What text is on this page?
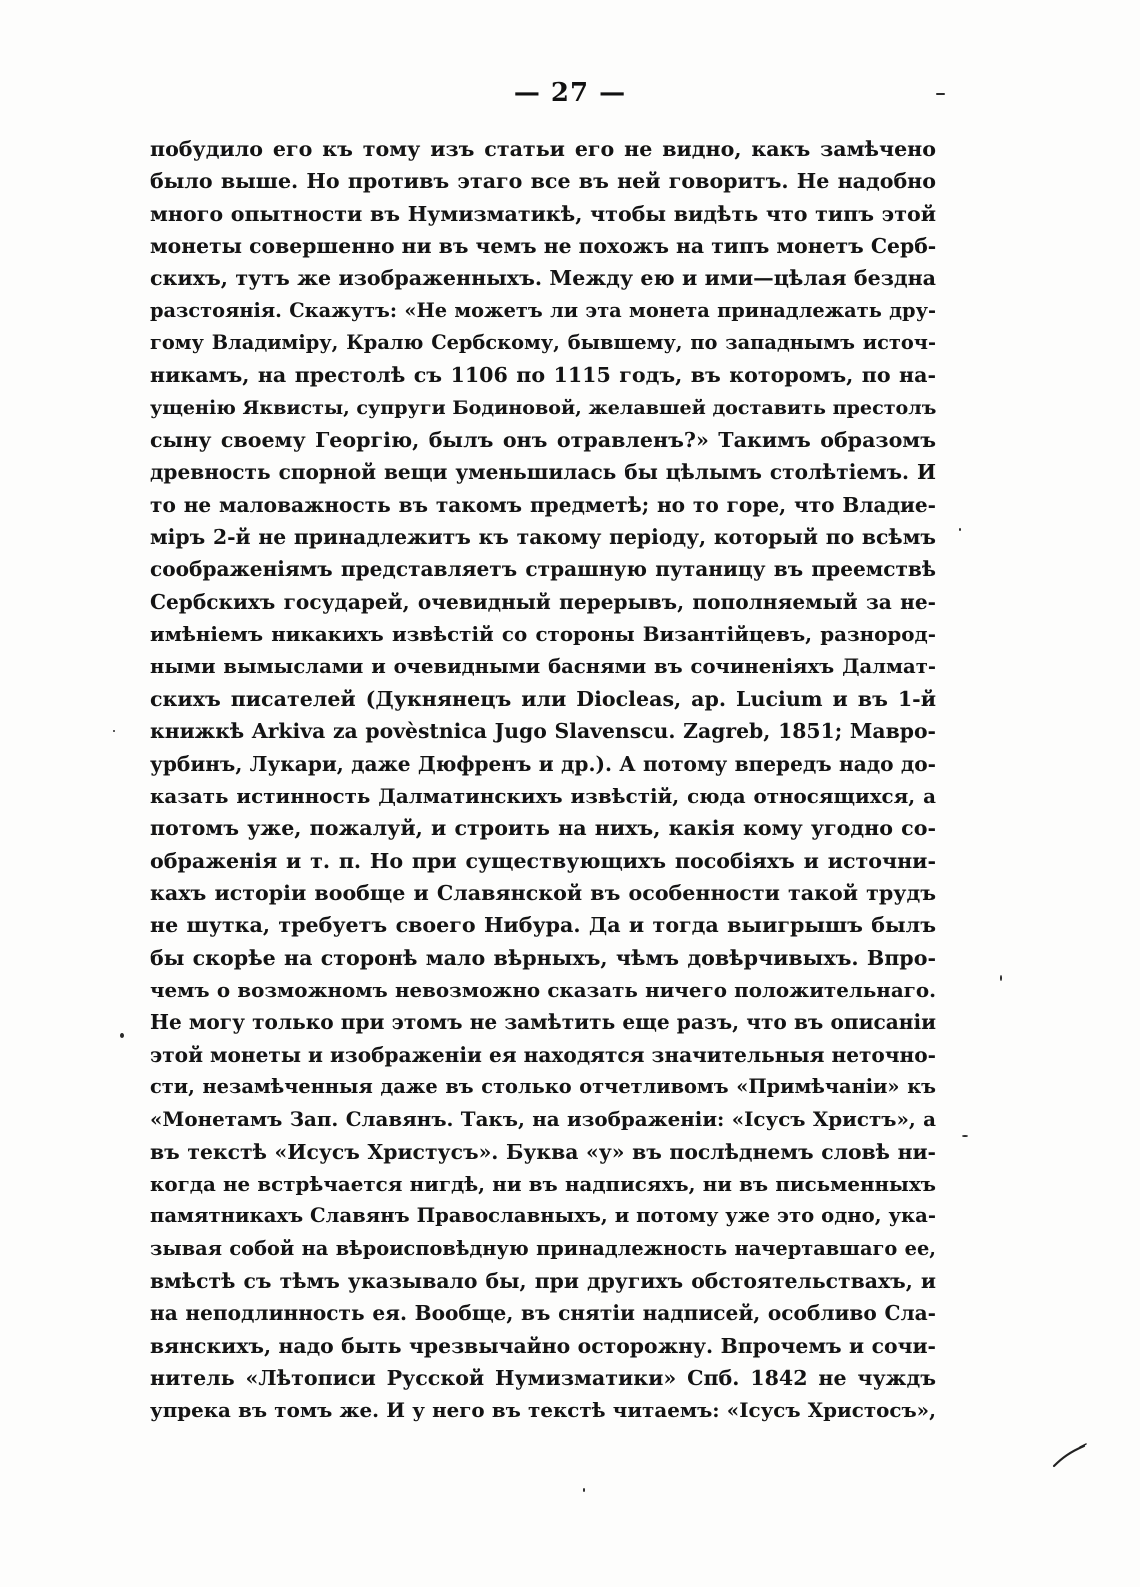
— 27 —
побудило его къ тому изъ статьи его не видно, какъ замѣчено
было выше. Но противъ этаго все въ ней говоритъ. Не надобно
много опытности въ Нумизматикѣ, чтобы видѣть что типъ этой
монеты совершенно ни въ чемъ не похожъ на типъ монетъ Серб-
скихъ, тутъ же изображенныхъ. Между ею и ими—цѣлая бездна
разстоянія. Скажутъ: «Не можетъ ли эта монета принадлежать дру-
гому Владиміру, Кралю Сербскому, бывшему, по западнымъ источ-
никамъ, на престолѣ съ 1106 по 1115 годъ, въ которомъ, по на-
ущенію Яквисты, супруги Бодиновой, желавшей доставить престолъ
сыну своему Георгію, былъ онъ отравленъ?» Такимъ образомъ
древность спорной вещи уменьшилась бы цѣлымъ столѣтіемъ. И
то не маловажность въ такомъ предметѣ; но то горе, что Владие-
міръ 2-й не принадлежитъ къ такому періоду, который по всѣмъ
соображеніямъ представляетъ страшную путаницу въ преемствѣ
Сербскихъ государей, очевидный перерывъ, пополняемый за не-
имѣніемъ никакихъ извѣстій со стороны Византійцевъ, разнород-
ными вымыслами и очевидными баснями въ сочиненіяхъ Далмат-
скихъ писателей (Дукнянецъ или Diocleas, ap. Lucium и въ 1-й
книжкѣ Arkiva za povèstnica Jugo Slavenscu. Zagreb, 1851; Мавро-
урбинъ, Лукари, даже Дюфренъ и др.). А потому впередъ надо до-
казать истинность Далматинскихъ извѣстій, сюда относящихся, а
потомъ уже, пожалуй, и строить на нихъ, какія кому угодно со-
ображенія и т. п. Но при существующихъ пособіяхъ и источни-
кахъ исторіи вообще и Славянской въ особенности такой трудъ
не шутка, требуетъ своего Нибура. Да и тогда выигрышъ былъ
бы скорѣе на сторонѣ мало вѣрныхъ, чѣмъ довѣрчивыхъ. Впро-
чемъ о возможномъ невозможно сказать ничего положительнаго.
Не могу только при этомъ не замѣтить еще разъ, что въ описаніи
этой монеты и изображеніи ея находятся значительныя неточно-
сти, незамѣченныя даже въ столько отчетливомъ «Примѣчаніи» къ
«Монетамъ Зап. Славянъ. Такъ, на изображеніи: «Ісусъ Христъ», а
въ текстѣ «Исусъ Христусъ». Буква «у» въ послѣднемъ словѣ ни-
когда не встрѣчается нигдѣ, ни въ надписяхъ, ни въ письменныхъ
памятникахъ Славянъ Православныхъ, и потому уже это одно, ука-
зывая собой на вѣроисповѣдную принадлежность начертавшаго ее,
вмѣстѣ съ тѣмъ указывало бы, при другихъ обстоятельствахъ, и
на неподлинность ея. Вообще, въ снятіи надписей, особливо Сла-
вянскихъ, надо быть чрезвычайно осторожну. Впрочемъ и сочи-
нитель «Лѣтописи Русской Нумизматики» Спб. 1842 не чуждъ
упрека въ томъ же. И у него въ текстѣ читаемъ: «Ісусъ Христосъ»,
